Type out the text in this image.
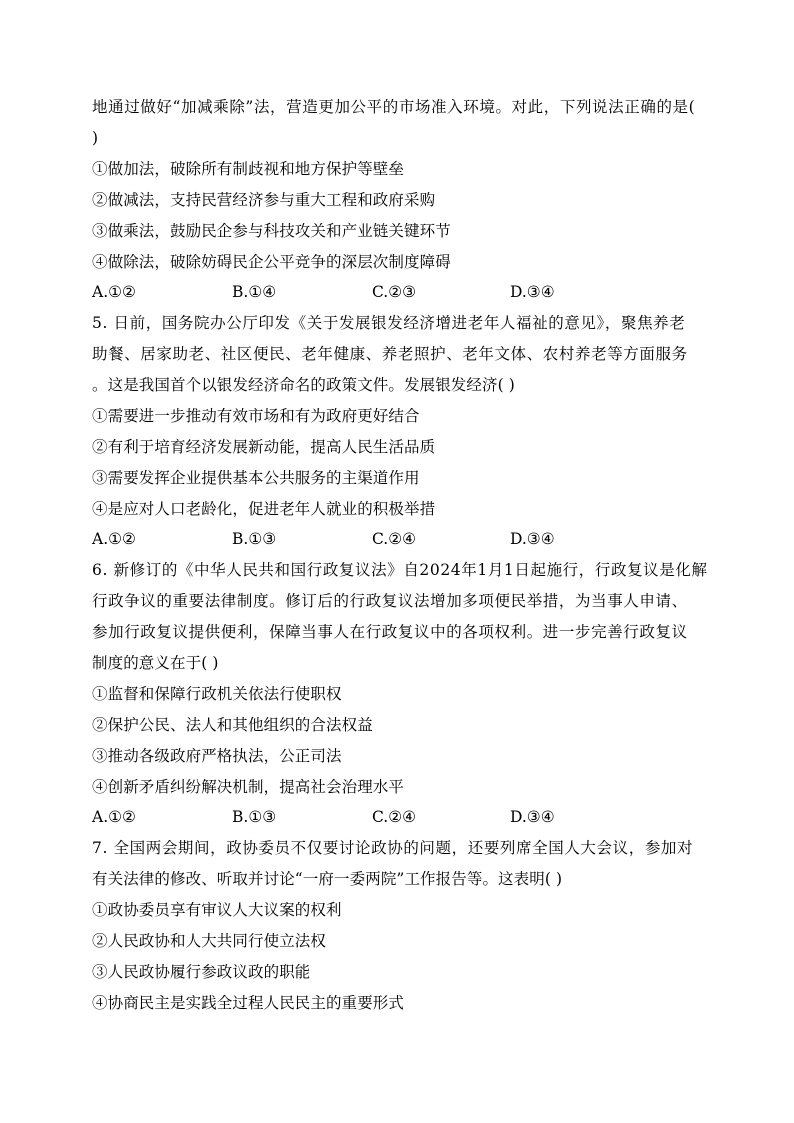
地通过做好“加减乘除”法，营造更加公平的市场准入环境。对此，下列说法正确的是(
)
①做加法，破除所有制歧视和地方保护等壁垒
②做减法，支持民营经济参与重大工程和政府采购
③做乘法，鼓励民企参与科技攻关和产业链关键环节
④做除法，破除妨碍民企公平竞争的深层次制度障碍
A.①②	B.①④	C.②③	D.③④
5. 日前，国务院办公厅印发《关于发展银发经济增进老年人福祉的意见》，聚焦养老
助餐、居家助老、社区便民、老年健康、养老照护、老年文体、农村养老等方面服务
。这是我国首个以银发经济命名的政策文件。发展银发经济( )
①需要进一步推动有效市场和有为政府更好结合
②有利于培育经济发展新动能，提高人民生活品质
③需要发挥企业提供基本公共服务的主渠道作用
④是应对人口老龄化，促进老年人就业的积极举措
A.①②	B.①③	C.②④	D.③④
6. 新修订的《中华人民共和国行政复议法》自2024年1月1日起施行，行政复议是化解
行政争议的重要法律制度。修订后的行政复议法增加多项便民举措，为当事人申请、
参加行政复议提供便利，保障当事人在行政复议中的各项权利。进一步完善行政复议
制度的意义在于( )
①监督和保障行政机关依法行使职权
②保护公民、法人和其他组织的合法权益
③推动各级政府严格执法，公正司法
④创新矛盾纠纷解决机制，提高社会治理水平
A.①②	B.①③	C.②④	D.③④
7. 全国两会期间，政协委员不仅要讨论政协的问题，还要列席全国人大会议，参加对
有关法律的修改、听取并讨论“一府一委两院”工作报告等。这表明( )
①政协委员享有审议人大议案的权利
②人民政协和人大共同行使立法权
③人民政协履行参政议政的职能
④协商民主是实践全过程人民民主的重要形式
